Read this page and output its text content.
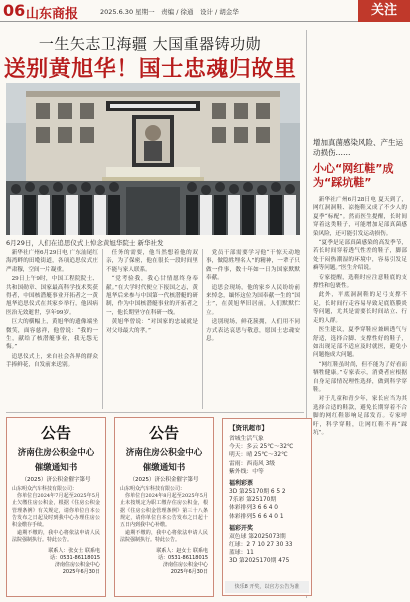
06 山东商报	2025.6.30 星期一　责编 / 徐通　设计 / 胡金华	关注
一生矢志卫海疆 大国重器铸功勋
送别黄旭华！国士忠魂归故里
6月29日，人们在追思仪式上悼念黄旭华院士 新华社发

新华社广州6月29日电 广东汕尾红海湾畔的田墘街道，各项追思仪式庄严肃穆，空间一片凝重。

29日上午9时，中国工程院院士、共和国勋章、国家最高科学技术奖获得者，中国核潜艇事业开拓者之一黄旭华追思仪式在其家乡举行，他因病医治无效逝世，享年99岁。

巨大的横幅上，黄旭华的遗像端坐微笑，面容慈祥，他曾说：“我的一生，献给了核潜艇事业，我无怨无悔。”

追思仪式上，来自社会各界的群众手捧鲜花，自发前来送别。

任务的需要，他当然想着他的双亲，为了保密，他在很长一段时间里不能与家人联系。

“党考验我，我心甘情愿终身奉献。”在大学时代便立下报国之志，黄旭华后来参与中国第一代核潜艇的研制，作为中国核潜艇事业的开拓者之一，他长期坚守在科研一线。

黄旭华曾说：“对国家的忠诚就是对父母最大的孝。”

党员干部需要学习他“干惊天动地事，做隐姓埋名人”的精神，一辈子只做一件事，数十年如一日为国家默默奉献。

追思会现场，他的家乡人民纷纷前来悼念，缅怀这位为国奉献一生的“国士”，在黄旭华旧居前，人们默默伫立。

送别现场，鲜花簇拥，人们用不同方式表达哀思与敬意，愿国士忠魂安息。

增加真菌感染风险、产生运动损伤……
小心“网红鞋”成为“踩坑鞋”

新华社广州6月28日电 夏天到了，网红洞洞鞋、凉拖鞋又成了不少人的夏季“标配”。然而医生提醒，长时间穿着这类鞋子，可能增加足部真菌感染风险，还可能引发运动损伤。

“夏季是足部真菌感染的高发季节，若长时间穿着透气性差的鞋子，脚部处于闷热潮湿的环境中，容易引发足癣等问题。”医生介绍说。

专家提醒，选鞋时应注意鞋底的支撑性和包裹性。

此外，平底洞洞鞋的足弓支撑不足，长时间行走容易导致足底筋膜炎等问题，尤其是需要长时间站立、行走的人群。

医生建议，夏季穿鞋应兼顾透气与舒适，选择合脚、支撑性好的鞋子，如出现足部不适应及时就医，避免小问题拖成大问题。

“网红鞋虽时尚，但不能为了好看而牺牲健康。”专家表示，消费者应根据自身足部情况理性选择，做到科学穿鞋。

对于儿童和青少年，家长应当为其选择合适的鞋款，避免长期穿着不合脚的网红鞋影响足部发育。专家呼吁，科学穿鞋，让网红鞋不再“踩坑”。

公告
济南住房公积金中心
催缴通知书
（2025）济公积金催字第号
山东明众汽车科技有限公司：

你单位自2024年7月起至2025年5月止欠缴住房公积金，根据《住房公积金管理条例》有关规定，请你单位自本公告发布之日起及时到我中心办理住房公积金缴存手续。

逾期不缴的，我中心将依法申请人民法院强制执行。特此公告。

联系人：张女士 联系电话：0531-86118015 济南住房公积金中心 2025年6月30日
公告
济南住房公积金中心
催缴通知书
（2025）济公积金催字第号
山东明众汽车科技有限公司：

你单位自2024年8月起至2025年5月止未按规定为职工缴存住房公积金，根据《住房公积金管理条例》第三十八条规定，请你单位自本公告发布之日起十五日内到我中心补缴。

逾期不缴的，我中心将依法申请人民法院强制执行。特此公告。

联系人：赵女士 联系电话：0531-86118015 济南住房公积金中心 2025年6月30日
【资讯超市】
省城生活气象
今天：多云 25℃～32℃
明天：晴 25℃～32℃
雷雨：西南风 3级
紫外线：中等
福利彩票
3D 第25170期 6 5 2
7乐彩 第25170期
体彩排列3 6 6 4 0
体彩排列5 6 6 4 0 1
福彩开奖
双色球 第2025073期
红球：2 7 10 27 30 33
蓝球：11
3D 第2025170期 475
快乐8 开奖，以官方公告为准
